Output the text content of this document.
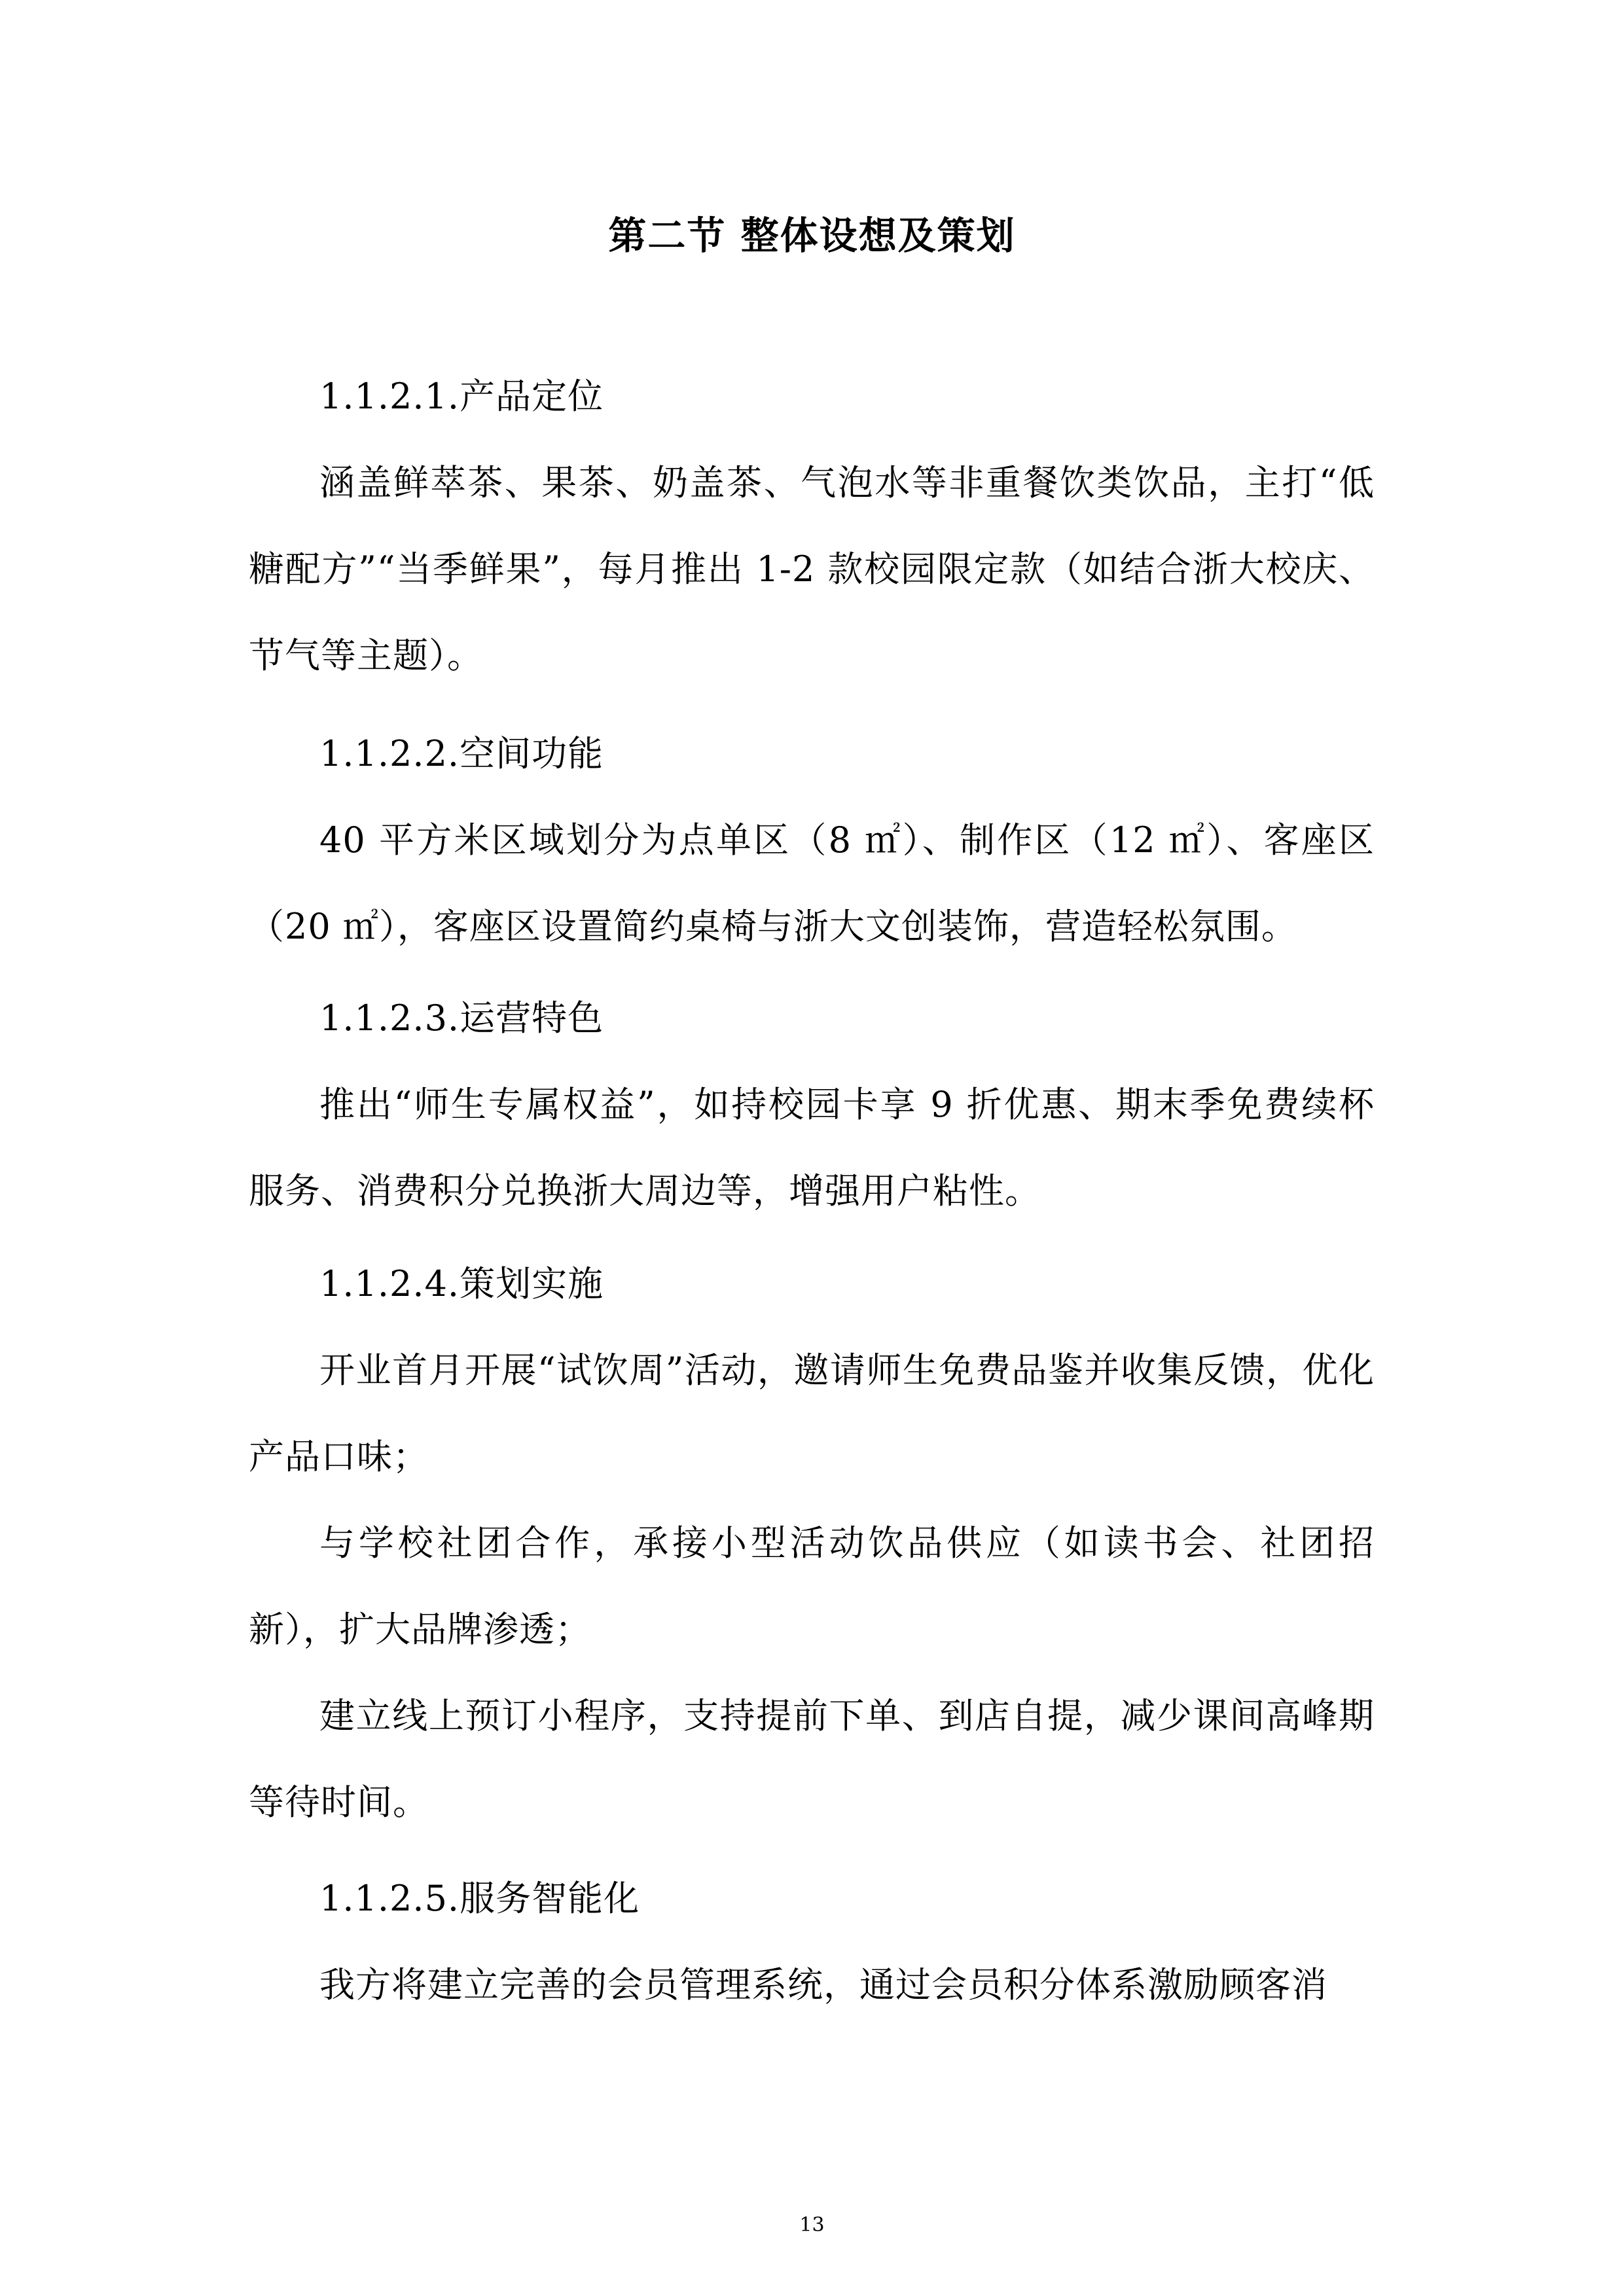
第二节 整体设想及策划

1.1.2.1.产品定位

涵盖鲜萃茶、果茶、奶盖茶、气泡水等非重餐饮类饮品，主打“低糖配方”“当季鲜果”，每月推出 1-2 款校园限定款（如结合浙大校庆、节气等主题）。

1.1.2.2.空间功能

40 平方米区域划分为点单区（8 ㎡）、制作区（12 ㎡）、客座区（20 ㎡），客座区设置简约桌椅与浙大文创装饰，营造轻松氛围。

1.1.2.3.运营特色

推出“师生专属权益”，如持校园卡享 9 折优惠、期末季免费续杯服务、消费积分兑换浙大周边等，增强用户粘性。

1.1.2.4.策划实施

开业首月开展“试饮周”活动，邀请师生免费品鉴并收集反馈，优化产品口味；

与学校社团合作，承接小型活动饮品供应（如读书会、社团招新），扩大品牌渗透；

建立线上预订小程序，支持提前下单、到店自提，减少课间高峰期等待时间。

1.1.2.5.服务智能化

我方将建立完善的会员管理系统，通过会员积分体系激励顾客消

13
